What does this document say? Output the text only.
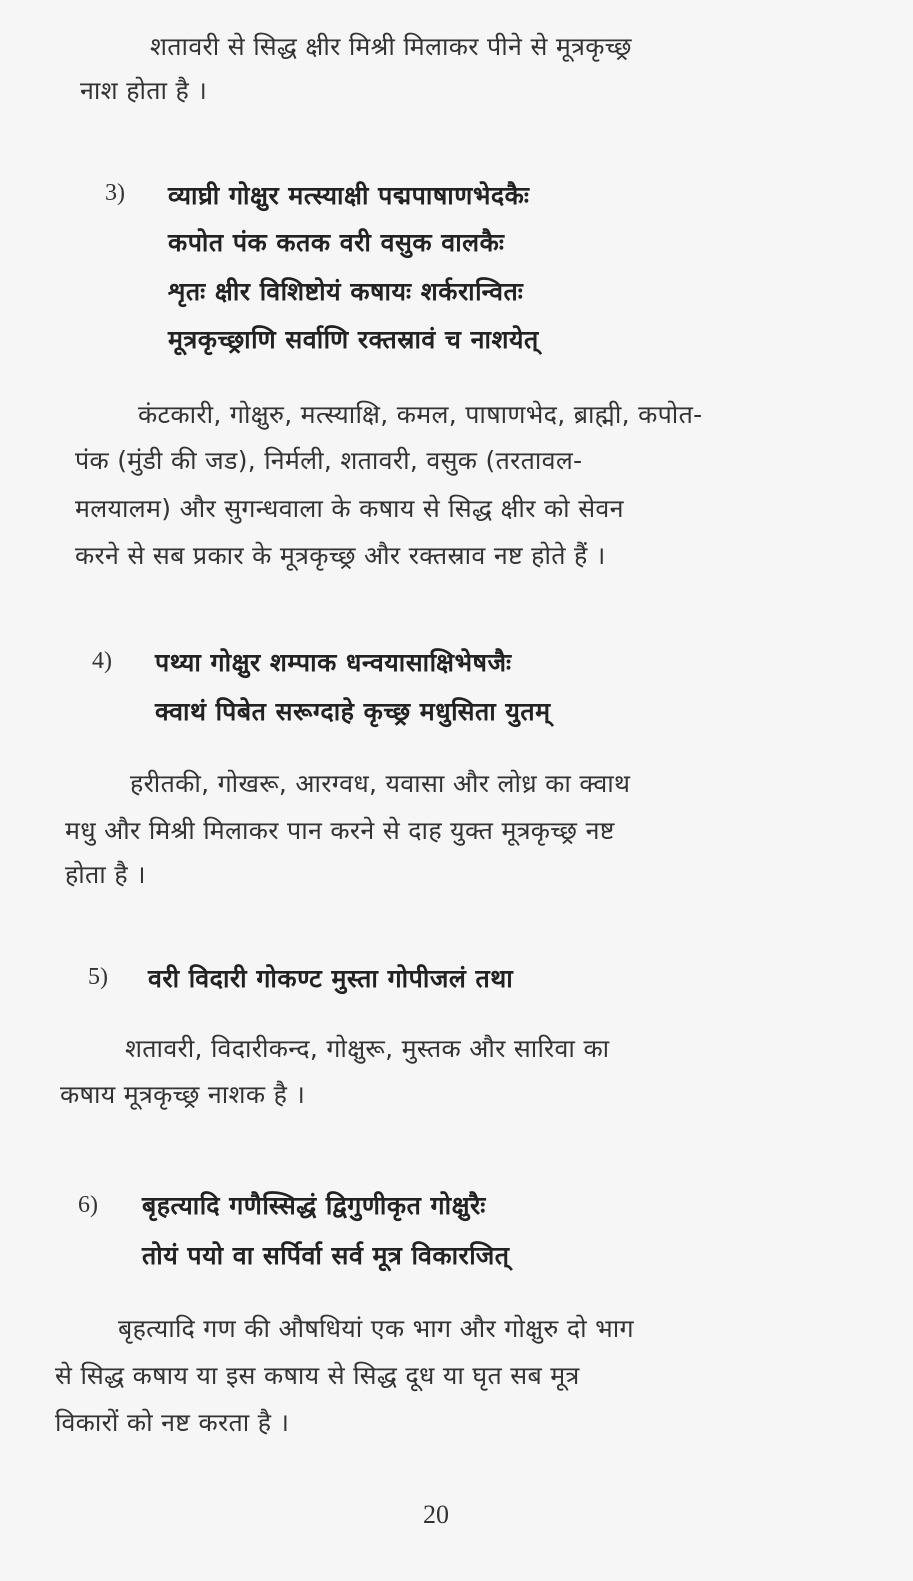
शतावरी से सिद्ध क्षीर मिश्री मिलाकर पीने से मूत्रकृच्छ्र
नाश होता है ।
3) व्याघ्री गोक्षुर मत्स्याक्षी पद्मपाषाणभेदकैः
कपोत पंक कतक वरी वसुक वालकैः
शृतः क्षीर विशिष्टोयं कषायः शर्करान्वितः
मूत्रकृच्छ्राणि सर्वाणि रक्तस्रावं च नाशयेत्
कंटकारी, गोक्षुरु, मत्स्याक्षि, कमल, पाषाणभेद, ब्राह्मी, कपोत-
पंक (मुंडी की जड), निर्मली, शतावरी, वसुक (तरतावल-
मलयालम) और सुगन्धवाला के कषाय से सिद्ध क्षीर को सेवन
करने से सब प्रकार के मूत्रकृच्छ्र और रक्तस्राव नष्ट होते हैं ।
4) पथ्या गोक्षुर शम्पाक धन्वयासाक्षिभेषजैः
क्वाथं पिबेत सरूग्दाहे कृच्छ्र मधुसिता युतम्
हरीतकी, गोखरू, आरग्वध, यवासा और लोध्र का क्वाथ
मधु और मिश्री मिलाकर पान करने से दाह युक्त मूत्रकृच्छ्र नष्ट
होता है ।
5) वरी विदारी गोकण्ट मुस्ता गोपीजलं तथा
शतावरी, विदारीकन्द, गोक्षुरू, मुस्तक और सारिवा का
कषाय मूत्रकृच्छ्र नाशक है ।
6) बृहत्यादि गणैस्सिद्धं द्विगुणीकृत गोक्षुरैः
तोयं पयो वा सर्पिर्वा सर्व मूत्र विकारजित्
बृहत्यादि गण की औषधियां एक भाग और गोक्षुरु दो भाग
से सिद्ध कषाय या इस कषाय से सिद्ध दूध या घृत सब मूत्र
विकारों को नष्ट करता है ।
20
